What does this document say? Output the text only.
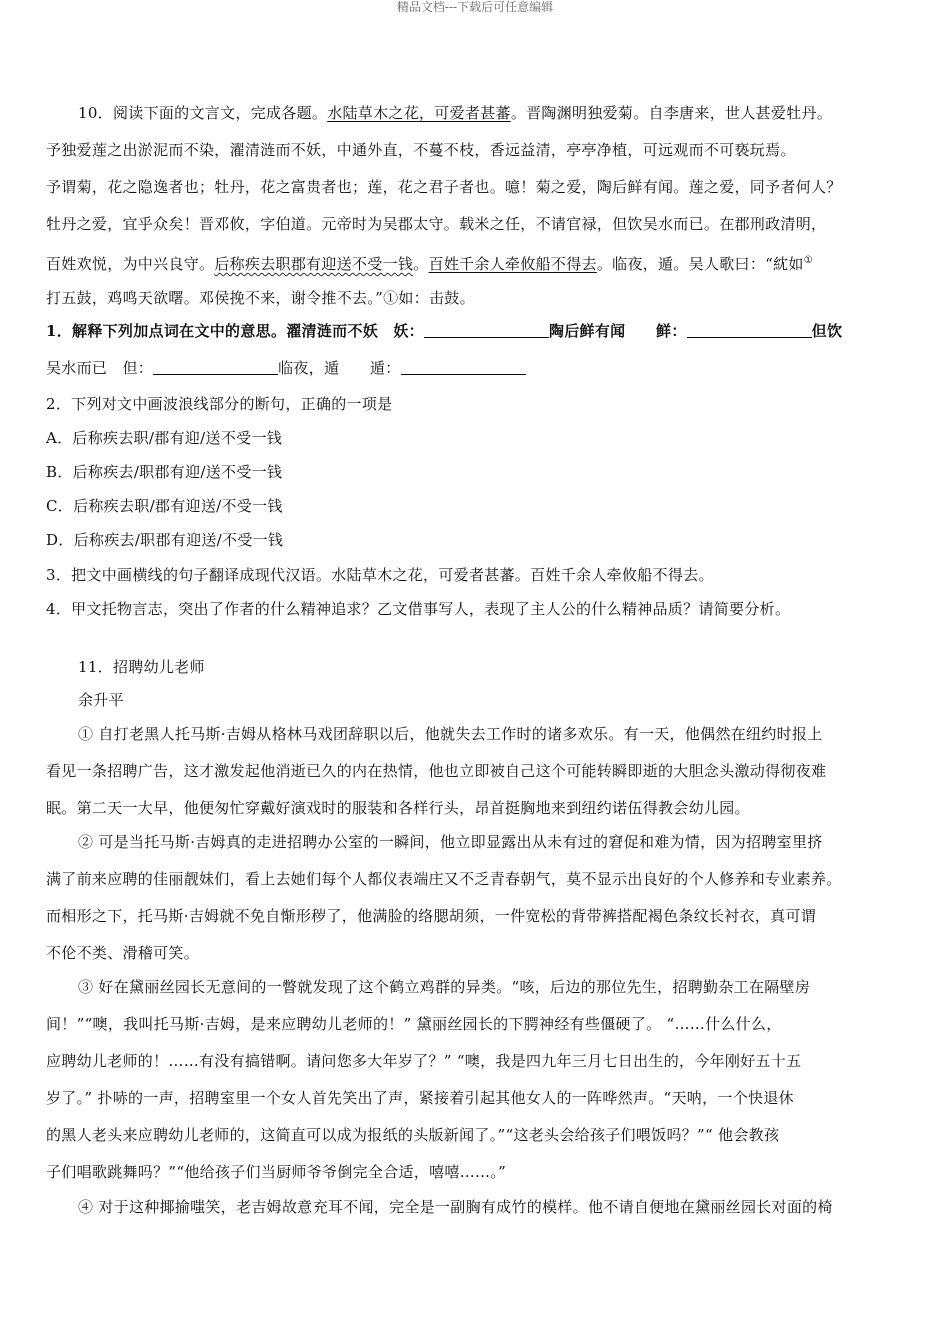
精品文档---下载后可任意编辑
10．阅读下面的文言文，完成各题。水陆草木之花，可爱者甚蕃。晋陶渊明独爱菊。自李唐来，世人甚爱牡丹。
予独爱莲之出淤泥而不染，濯清涟而不妖，中通外直，不蔓不枝，香远益清，亭亭净植，可远观而不可亵玩焉。
予谓菊，花之隐逸者也；牡丹，花之富贵者也；莲，花之君子者也。噫！菊之爱，陶后鲜有闻。莲之爱，同予者何人？
牡丹之爱，宜乎众矣！晋邓攸，字伯道。元帝时为吴郡太守。载米之任，不请官禄，但饮吴水而已。在郡刑政清明，
百姓欢悦，为中兴良守。后称疾去职郡有迎送不受一钱。百姓千余人牵攸船不得去。临夜，遁。吴人歌曰：“紞如①
打五鼓，鸡鸣天欲曙。邓侯挽不来，谢令推不去。”①如：击鼓。
1．解释下列加点词在文中的意思。濯清涟而不妖　妖：	陶后鲜有闻　　鲜：	但饮
吴水而已　但：	临夜，遁　　遁：
2．下列对文中画波浪线部分的断句，正确的一项是
A．后称疾去职/郡有迎/送不受一钱
B．后称疾去/职郡有迎/送不受一钱
C．后称疾去职/郡有迎送/不受一钱
D．后称疾去/职郡有迎送/不受一钱
3．把文中画横线的句子翻译成现代汉语。水陆草木之花，可爱者甚蕃。百姓千余人牵攸船不得去。
4．甲文托物言志，突出了作者的什么精神追求？乙文借事写人，表现了主人公的什么精神品质？请简要分析。
11．招聘幼儿老师
余升平
① 自打老黑人托马斯·吉姆从格林马戏团辞职以后，他就失去工作时的诸多欢乐。有一天，他偶然在纽约时报上
看见一条招聘广告，这才激发起他消逝已久的内在热情，他也立即被自己这个可能转瞬即逝的大胆念头激动得彻夜难
眠。第二天一大早，他便匆忙穿戴好演戏时的服装和各样行头，昂首挺胸地来到纽约诺伍得教会幼儿园。
② 可是当托马斯·吉姆真的走进招聘办公室的一瞬间，他立即显露出从未有过的窘促和难为情，因为招聘室里挤
满了前来应聘的佳丽靓妹们，看上去她们每个人都仪表端庄又不乏青春朝气，莫不显示出良好的个人修养和专业素养。
而相形之下，托马斯·吉姆就不免自惭形秽了，他满脸的络腮胡须，一件宽松的背带裤搭配褐色条纹长衬衣，真可谓
不伦不类、滑稽可笑。
③ 好在黛丽丝园长无意间的一瞥就发现了这个鹤立鸡群的异类。“咳，后边的那位先生，招聘勤杂工在隔壁房
间！”“噢，我叫托马斯·吉姆，是来应聘幼儿老师的！” 黛丽丝园长的下腭神经有些僵硬了。 “……什么什么，
应聘幼儿老师的！……有没有搞错啊。请问您多大年岁了？” “噢，我是四九年三月七日出生的，今年刚好五十五
岁了。” 扑哧的一声，招聘室里一个女人首先笑出了声，紧接着引起其他女人的一阵哗然声。“天呐，一个快退休
的黑人老头来应聘幼儿老师的，这简直可以成为报纸的头版新闻了。”“这老头会给孩子们喂饭吗？”“ 他会教孩
子们唱歌跳舞吗？”“他给孩子们当厨师爷爷倒完全合适，嘻嘻……。”
④ 对于这种揶揄嗤笑，老吉姆故意充耳不闻，完全是一副胸有成竹的模样。他不请自便地在黛丽丝园长对面的椅
